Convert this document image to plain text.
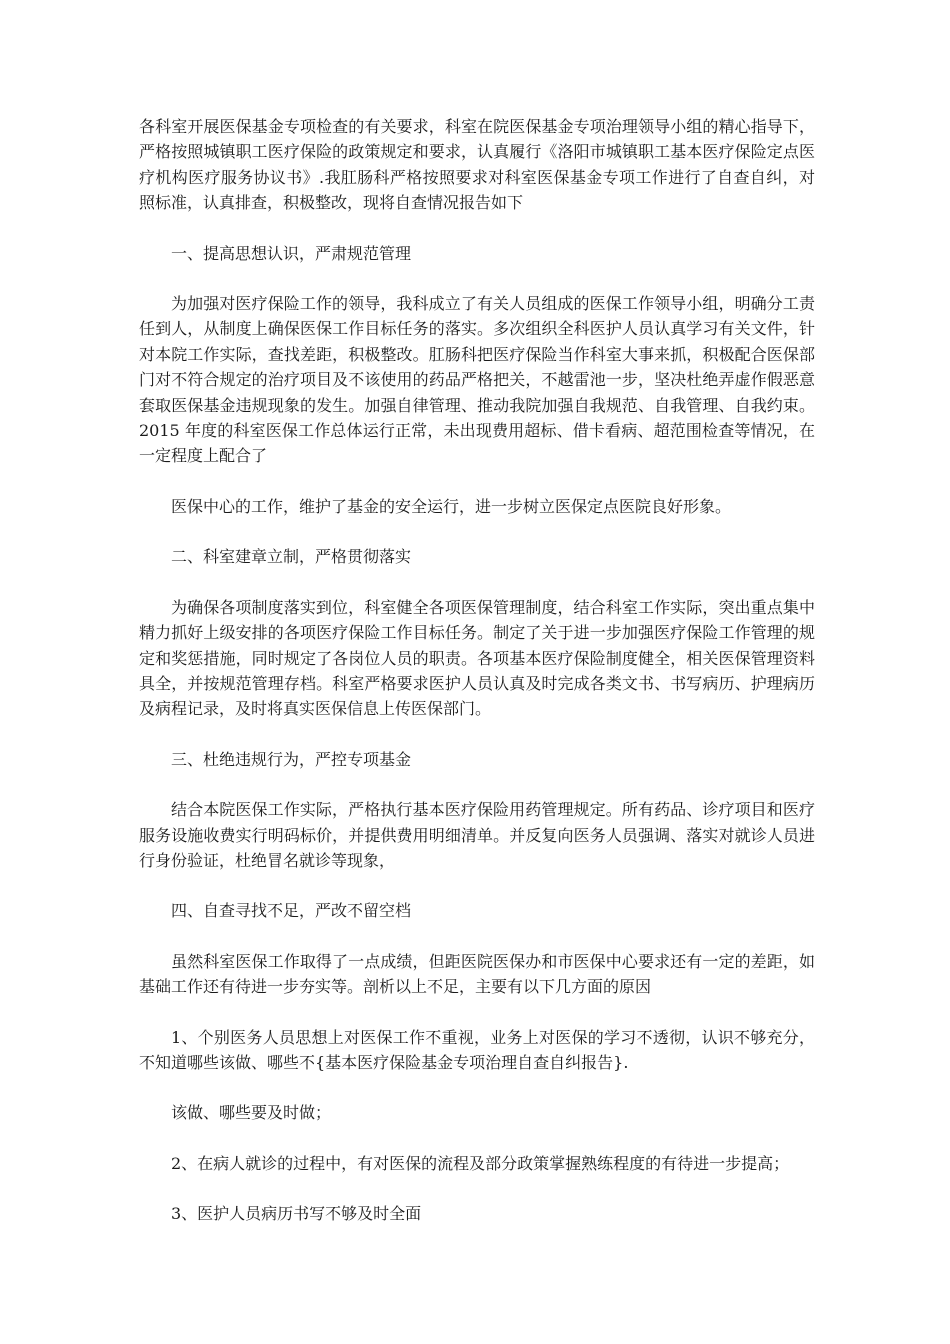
各科室开展医保基金专项检查的有关要求，科室在院医保基金专项治理领导小组的精心指导下，严格按照城镇职工医疗保险的政策规定和要求，认真履行《洛阳市城镇职工基本医疗保险定点医疗机构医疗服务协议书》.我肛肠科严格按照要求对科室医保基金专项工作进行了自查自纠，对照标准，认真排查，积极整改，现将自查情况报告如下

一、提高思想认识，严肃规范管理

为加强对医疗保险工作的领导，我科成立了有关人员组成的医保工作领导小组，明确分工责任到人，从制度上确保医保工作目标任务的落实。多次组织全科医护人员认真学习有关文件，针对本院工作实际，查找差距，积极整改。肛肠科把医疗保险当作科室大事来抓，积极配合医保部门对不符合规定的治疗项目及不该使用的药品严格把关，不越雷池一步，坚决杜绝弄虚作假恶意套取医保基金违规现象的发生。加强自律管理、推动我院加强自我规范、自我管理、自我约束。2015 年度的科室医保工作总体运行正常，未出现费用超标、借卡看病、超范围检查等情况，在一定程度上配合了

医保中心的工作，维护了基金的安全运行，进一步树立医保定点医院良好形象。

二、科室建章立制，严格贯彻落实

为确保各项制度落实到位，科室健全各项医保管理制度，结合科室工作实际，突出重点集中精力抓好上级安排的各项医疗保险工作目标任务。制定了关于进一步加强医疗保险工作管理的规定和奖惩措施，同时规定了各岗位人员的职责。各项基本医疗保险制度健全，相关医保管理资料具全，并按规范管理存档。科室严格要求医护人员认真及时完成各类文书、书写病历、护理病历及病程记录，及时将真实医保信息上传医保部门。

三、杜绝违规行为，严控专项基金

结合本院医保工作实际，严格执行基本医疗保险用药管理规定。所有药品、诊疗项目和医疗服务设施收费实行明码标价，并提供费用明细清单。并反复向医务人员强调、落实对就诊人员进行身份验证，杜绝冒名就诊等现象，

四、自查寻找不足，严改不留空档

虽然科室医保工作取得了一点成绩，但距医院医保办和市医保中心要求还有一定的差距，如基础工作还有待进一步夯实等。剖析以上不足，主要有以下几方面的原因

1、个别医务人员思想上对医保工作不重视，业务上对医保的学习不透彻，认识不够充分，不知道哪些该做、哪些不{基本医疗保险基金专项治理自查自纠报告}.

该做、哪些要及时做；

2、在病人就诊的过程中，有对医保的流程及部分政策掌握熟练程度的有待进一步提高；

3、医护人员病历书写不够及时全面
